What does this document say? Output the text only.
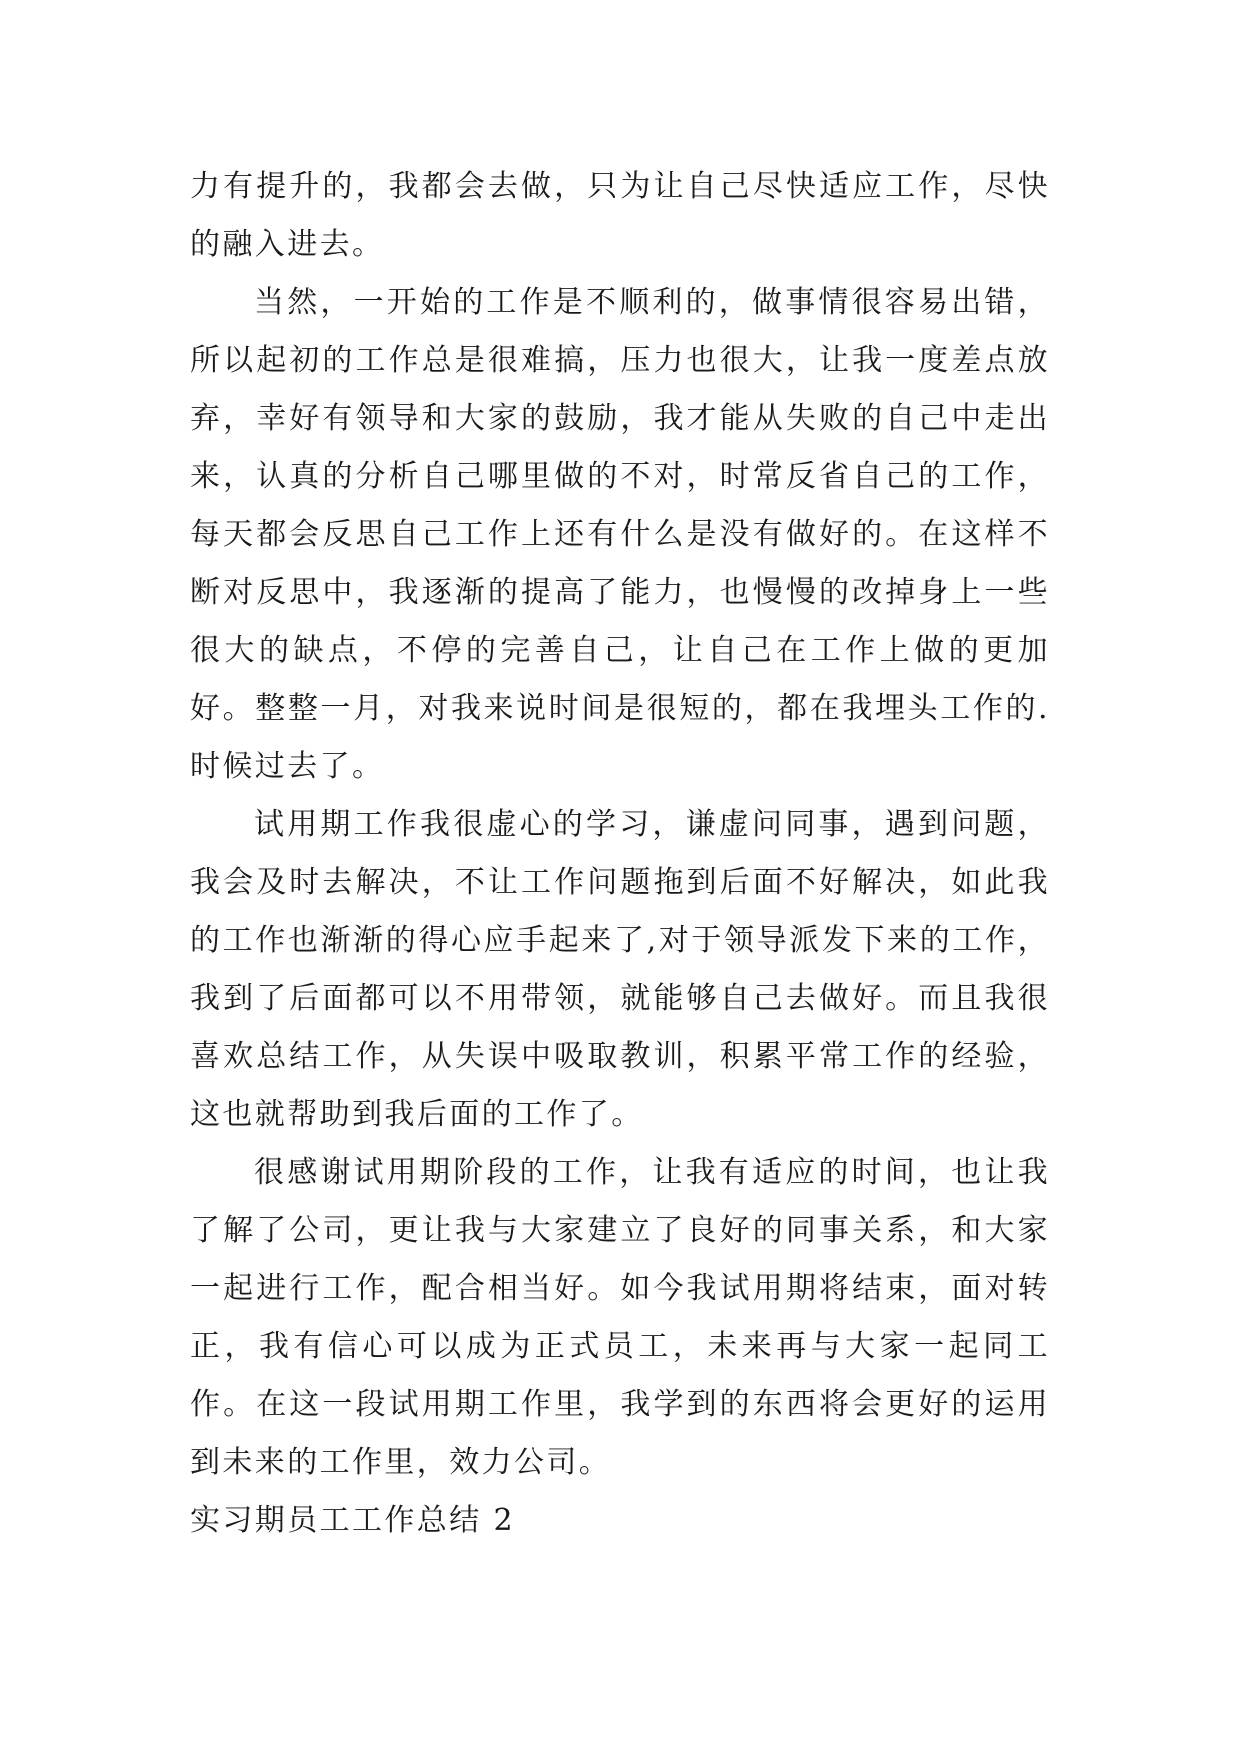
力有提升的，我都会去做，只为让自己尽快适应工作，尽快的融入进去。

当然，一开始的工作是不顺利的，做事情很容易出错，所以起初的工作总是很难搞，压力也很大，让我一度差点放弃，幸好有领导和大家的鼓励，我才能从失败的自己中走出来，认真的分析自己哪里做的不对，时常反省自己的工作，每天都会反思自己工作上还有什么是没有做好的。在这样不断对反思中，我逐渐的提高了能力，也慢慢的改掉身上一些很大的缺点，不停的完善自己，让自己在工作上做的更加好。整整一月，对我来说时间是很短的，都在我埋头工作的.时候过去了。

试用期工作我很虚心的学习，谦虚问同事，遇到问题，我会及时去解决，不让工作问题拖到后面不好解决，如此我的工作也渐渐的得心应手起来了,对于领导派发下来的工作，我到了后面都可以不用带领，就能够自己去做好。而且我很喜欢总结工作，从失误中吸取教训，积累平常工作的经验，这也就帮助到我后面的工作了。

很感谢试用期阶段的工作，让我有适应的时间，也让我了解了公司，更让我与大家建立了良好的同事关系，和大家一起进行工作，配合相当好。如今我试用期将结束，面对转正，我有信心可以成为正式员工，未来再与大家一起同工作。在这一段试用期工作里，我学到的东西将会更好的运用到未来的工作里，效力公司。

实习期员工工作总结 2
